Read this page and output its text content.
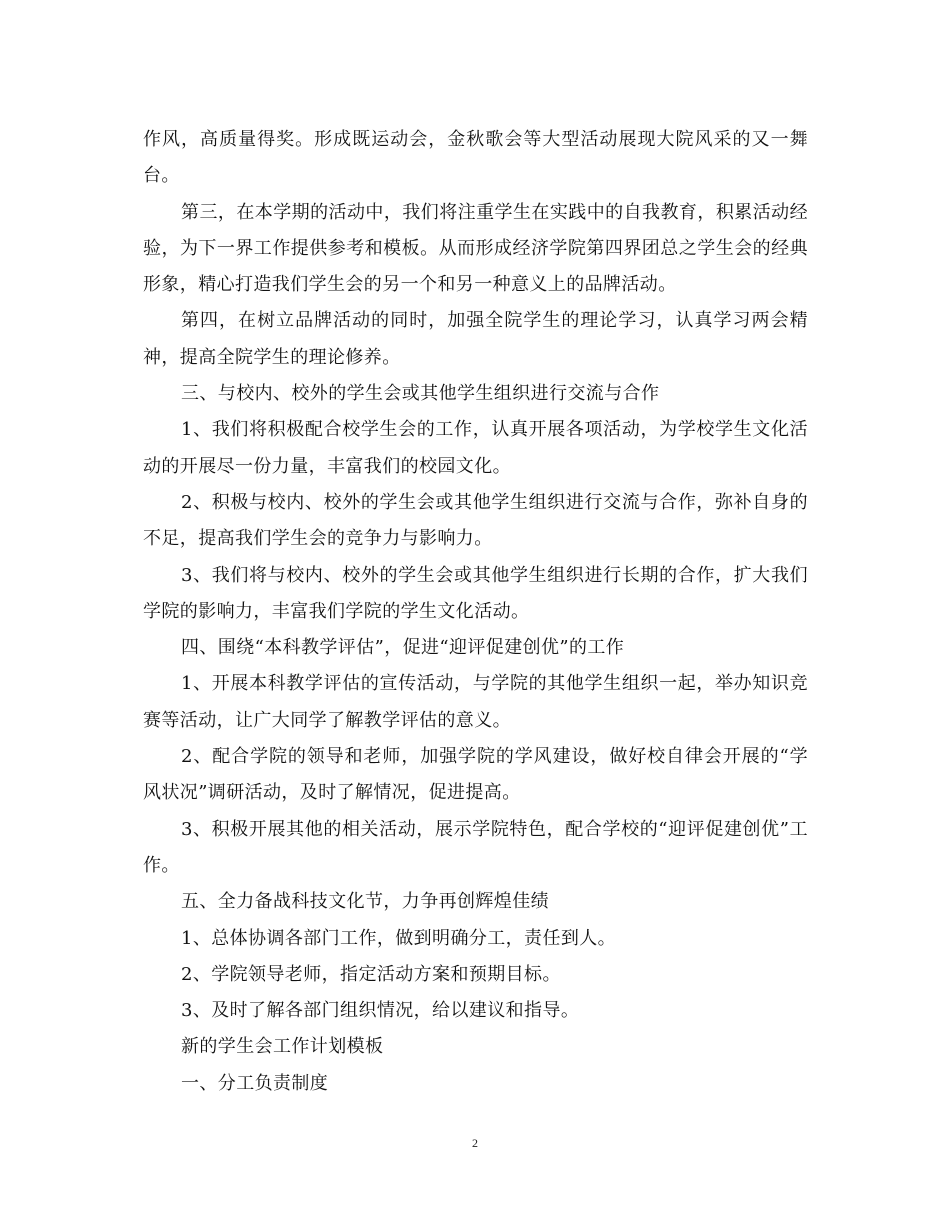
作风，高质量得奖。形成既运动会，金秋歌会等大型活动展现大院风采的又一舞台。

第三，在本学期的活动中，我们将注重学生在实践中的自我教育，积累活动经验，为下一界工作提供参考和模板。从而形成经济学院第四界团总之学生会的经典形象，精心打造我们学生会的另一个和另一种意义上的品牌活动。

第四，在树立品牌活动的同时，加强全院学生的理论学习，认真学习两会精神，提高全院学生的理论修养。

三、与校内、校外的学生会或其他学生组织进行交流与合作

1、我们将积极配合校学生会的工作，认真开展各项活动，为学校学生文化活动的开展尽一份力量，丰富我们的校园文化。

2、积极与校内、校外的学生会或其他学生组织进行交流与合作，弥补自身的不足，提高我们学生会的竞争力与影响力。

3、我们将与校内、校外的学生会或其他学生组织进行长期的合作，扩大我们学院的影响力，丰富我们学院的学生文化活动。

四、围绕“本科教学评估”，促进“迎评促建创优”的工作

1、开展本科教学评估的宣传活动，与学院的其他学生组织一起，举办知识竞赛等活动，让广大同学了解教学评估的意义。

2、配合学院的领导和老师，加强学院的学风建设，做好校自律会开展的“学风状况”调研活动，及时了解情况，促进提高。

3、积极开展其他的相关活动，展示学院特色，配合学校的“迎评促建创优”工作。

五、全力备战科技文化节，力争再创辉煌佳绩

1、总体协调各部门工作，做到明确分工，责任到人。

2、学院领导老师，指定活动方案和预期目标。

3、及时了解各部门组织情况，给以建议和指导。

新的学生会工作计划模板

一、分工负责制度

2
